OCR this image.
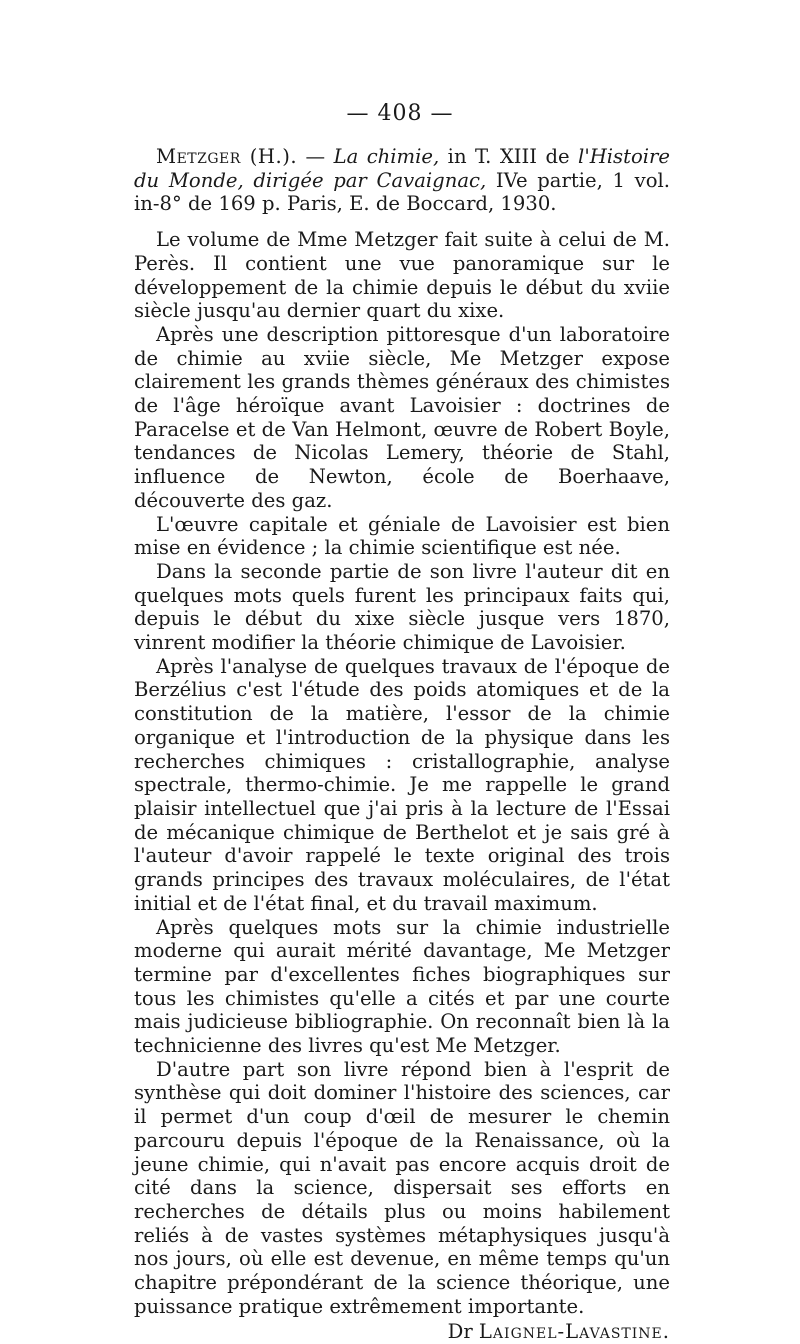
— 408 —

Metzger (H.). — La chimie, in T. XIII de l'Histoire du Monde, dirigée par Cavaignac, IVe partie, 1 vol. in-8° de 169 p. Paris, E. de Boccard, 1930.

Le volume de Mme Metzger fait suite à celui de M. Perès. Il contient une vue panoramique sur le développement de la chimie depuis le début du xviie siècle jusqu'au dernier quart du xixe.

Après une description pittoresque d'un laboratoire de chimie au xviie siècle, Me Metzger expose clairement les grands thèmes généraux des chimistes de l'âge héroïque avant Lavoisier : doctrines de Paracelse et de Van Helmont, œuvre de Robert Boyle, tendances de Nicolas Lemery, théorie de Stahl, influence de Newton, école de Boerhaave, découverte des gaz.

L'œuvre capitale et géniale de Lavoisier est bien mise en évidence ; la chimie scientifique est née.

Dans la seconde partie de son livre l'auteur dit en quelques mots quels furent les principaux faits qui, depuis le début du xixe siècle jusque vers 1870, vinrent modifier la théorie chimique de Lavoisier.

Après l'analyse de quelques travaux de l'époque de Berzélius c'est l'étude des poids atomiques et de la constitution de la matière, l'essor de la chimie organique et l'introduction de la physique dans les recherches chimiques : cristallographie, analyse spectrale, thermo-chimie. Je me rappelle le grand plaisir intellectuel que j'ai pris à la lecture de l'Essai de mécanique chimique de Berthelot et je sais gré à l'auteur d'avoir rappelé le texte original des trois grands principes des travaux moléculaires, de l'état initial et de l'état final, et du travail maximum.

Après quelques mots sur la chimie industrielle moderne qui aurait mérité davantage, Me Metzger termine par d'excellentes fiches biographiques sur tous les chimistes qu'elle a cités et par une courte mais judicieuse bibliographie. On reconnaît bien là la technicienne des livres qu'est Me Metzger.

D'autre part son livre répond bien à l'esprit de synthèse qui doit dominer l'histoire des sciences, car il permet d'un coup d'œil de mesurer le chemin parcouru depuis l'époque de la Renaissance, où la jeune chimie, qui n'avait pas encore acquis droit de cité dans la science, dispersait ses efforts en recherches de détails plus ou moins habilement reliés à de vastes systèmes métaphysiques jusqu'à nos jours, où elle est devenue, en même temps qu'un chapitre prépondérant de la science théorique, une puissance pratique extrêmement importante.

Dr Laignel-Lavastine.
